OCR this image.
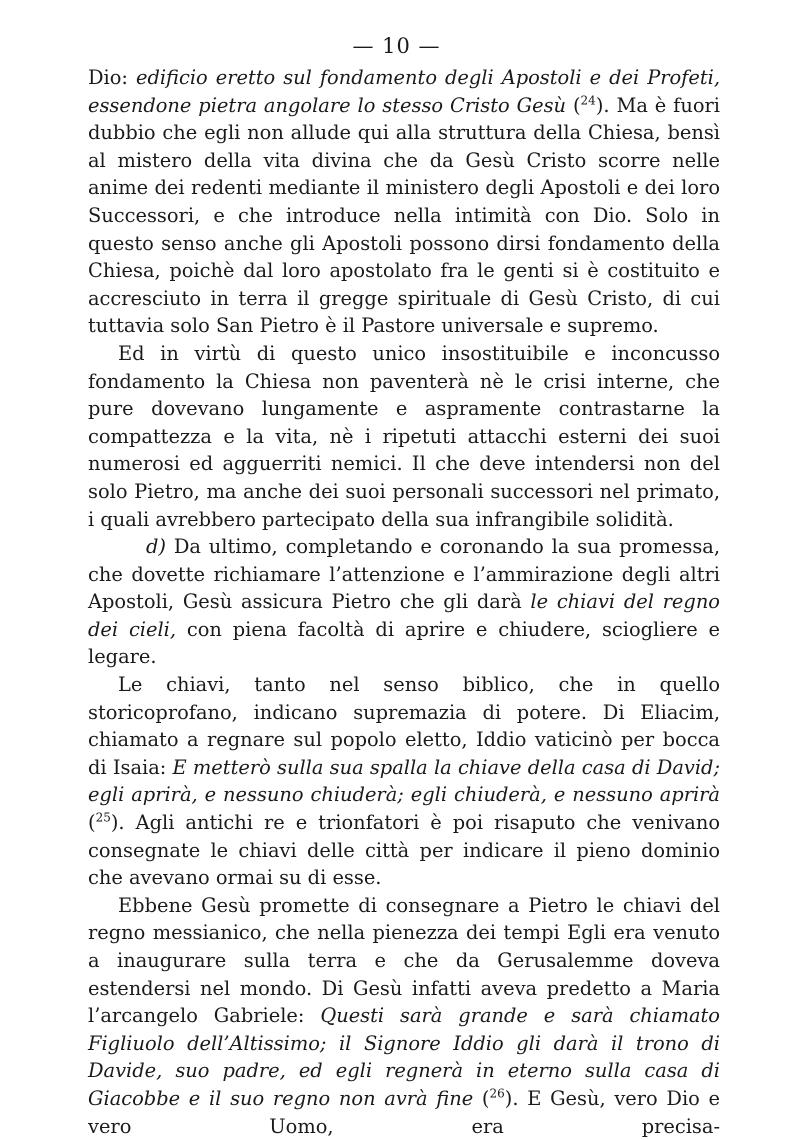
— 10 —

Dio: edificio eretto sul fondamento degli Apostoli e dei Profeti, essendone pietra angolare lo stesso Cristo Gesù ($^{24}$). Ma è fuori dubbio che egli non allude qui alla struttura della Chiesa, bensì al mistero della vita divina che da Gesù Cristo scorre nelle anime dei redenti mediante il ministero degli Apostoli e dei loro Successori, e che introduce nella intimità con Dio. Solo in questo senso anche gli Apostoli possono dirsi fondamento della Chiesa, poichè dal loro apostolato fra le genti si è costituito e accresciuto in terra il gregge spirituale di Gesù Cristo, di cui tuttavia solo San Pietro è il Pastore universale e supremo.

Ed in virtù di questo unico insostituibile e inconcusso fondamento la Chiesa non paventerà nè le crisi interne, che pure dovevano lungamente e aspramente contrastarne la compattezza e la vita, nè i ripetuti attacchi esterni dei suoi numerosi ed agguerriti nemici. Il che deve intendersi non del solo Pietro, ma anche dei suoi personali successori nel primato, i quali avrebbero partecipato della sua infrangibile solidità.

d) Da ultimo, completando e coronando la sua promessa, che dovette richiamare l’attenzione e l’ammirazione degli altri Apostoli, Gesù assicura Pietro che gli darà le chiavi del regno dei cieli, con piena facoltà di aprire e chiudere, sciogliere e legare.

Le chiavi, tanto nel senso biblico, che in quello storicoprofano, indicano supremazia di potere. Di Eliacim, chiamato a regnare sul popolo eletto, Iddio vaticinò per bocca di Isaia: E metterò sulla sua spalla la chiave della casa di David; egli aprirà, e nessuno chiuderà; egli chiuderà, e nessuno aprirà ($^{25}$). Agli antichi re e trionfatori è poi risaputo che venivano consegnate le chiavi delle città per indicare il pieno dominio che avevano ormai su di esse.

Ebbene Gesù promette di consegnare a Pietro le chiavi del regno messianico, che nella pienezza dei tempi Egli era venuto a inaugurare sulla terra e che da Gerusalemme doveva estendersi nel mondo. Di Gesù infatti aveva predetto a Maria l’arcangelo Gabriele: Questi sarà grande e sarà chiamato Figliuolo dell’Altissimo; il Signore Iddio gli darà il trono di Davide, suo padre, ed egli regnerà in eterno sulla casa di Giacobbe e il suo regno non avrà fine ($^{26}$). E Gesù, vero Dio e vero Uomo, era precisa-
